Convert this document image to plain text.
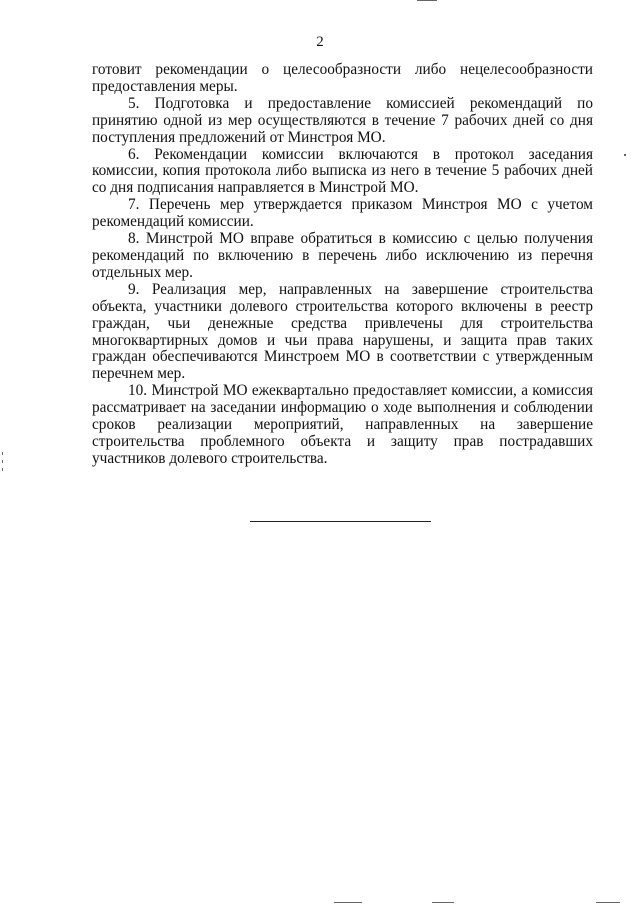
2

готовит рекомендации о целесообразности либо нецелесообразности предоставления меры.

5. Подготовка и предоставление комиссией рекомендаций по принятию одной из мер осуществляются в течение 7 рабочих дней со дня поступления предложений от Минстроя МО.

6. Рекомендации комиссии включаются в протокол заседания комиссии, копия протокола либо выписка из него в течение 5 рабочих дней со дня подписания направляется в Минстрой МО.

7. Перечень мер утверждается приказом Минстроя МО с учетом рекомендаций комиссии.

8. Минстрой МО вправе обратиться в комиссию с целью получения рекомендаций по включению в перечень либо исключению из перечня отдельных мер.

9. Реализация мер, направленных на завершение строительства объекта, участники долевого строительства которого включены в реестр граждан, чьи денежные средства привлечены для строительства многоквартирных домов и чьи права нарушены, и защита прав таких граждан обеспечиваются Минстроем МО в соответствии с утвержденным перечнем мер.

10. Минстрой МО ежеквартально предоставляет комиссии, а комиссия рассматривает на заседании информацию о ходе выполнения и соблюдении сроков реализации мероприятий, направленных на завершение строительства проблемного объекта и защиту прав пострадавших участников долевого строительства.
